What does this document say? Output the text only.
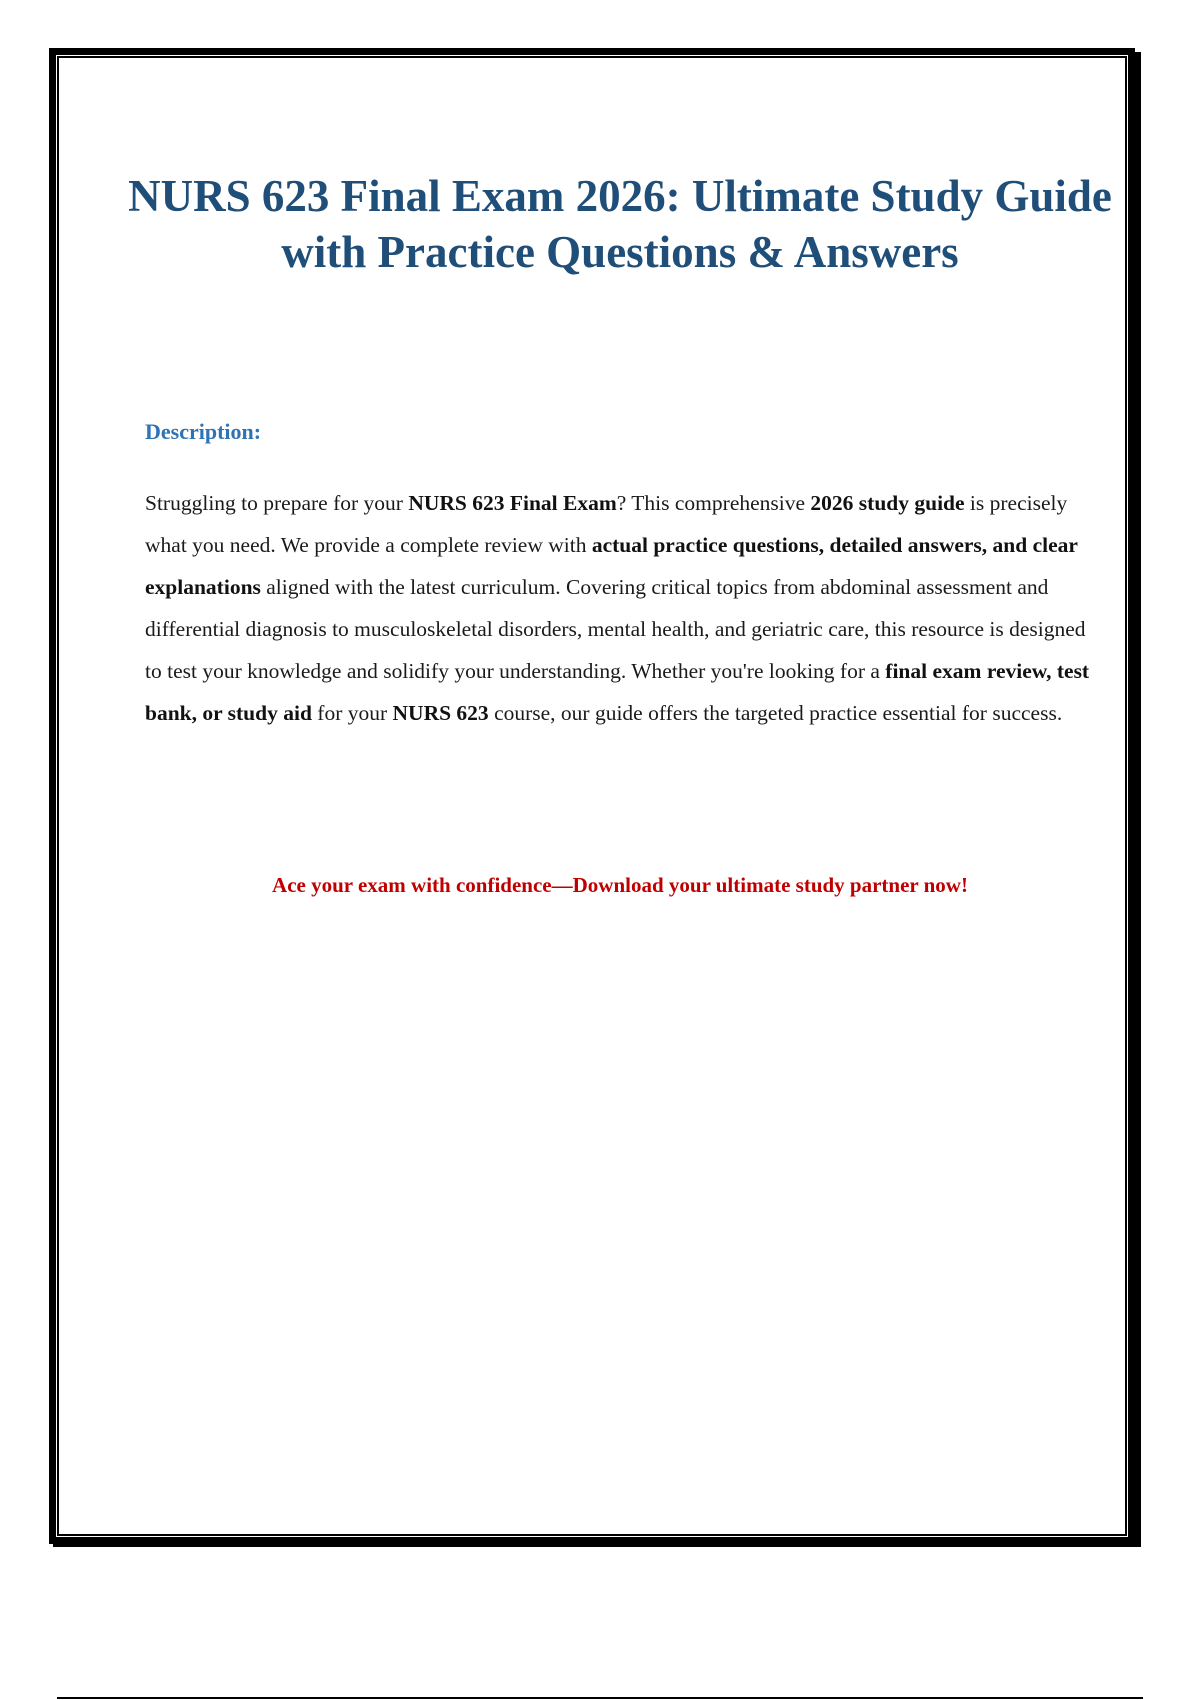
NURS 623 Final Exam 2026: Ultimate Study Guide with Practice Questions & Answers
Description:

Struggling to prepare for your NURS 623 Final Exam? This comprehensive 2026 study guide is precisely what you need. We provide a complete review with actual practice questions, detailed answers, and clear explanations aligned with the latest curriculum. Covering critical topics from abdominal assessment and differential diagnosis to musculoskeletal disorders, mental health, and geriatric care, this resource is designed to test your knowledge and solidify your understanding. Whether you're looking for a final exam review, test bank, or study aid for your NURS 623 course, our guide offers the targeted practice essential for success.

Ace your exam with confidence—Download your ultimate study partner now!
